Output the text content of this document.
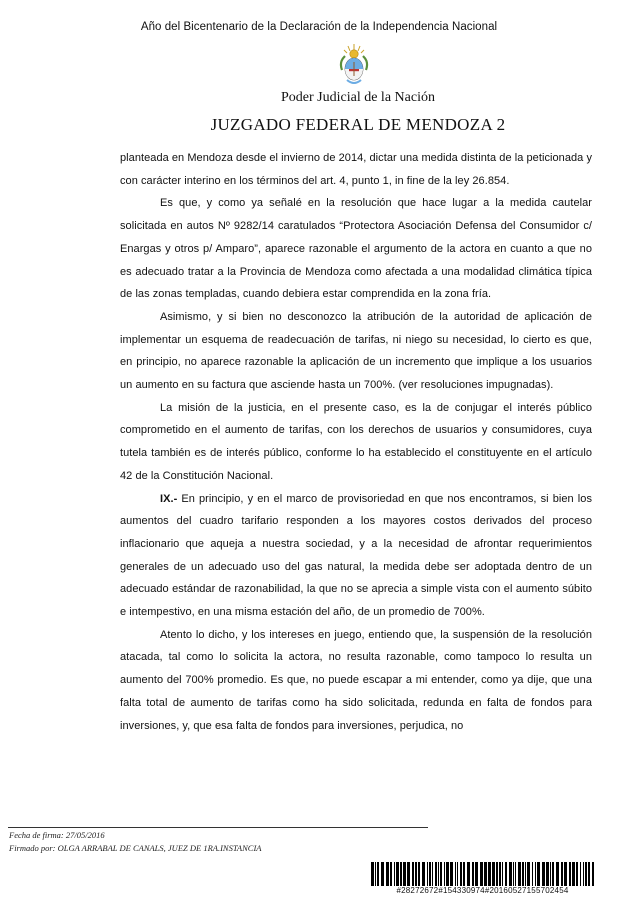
Año del Bicentenario de la Declaración de la Independencia Nacional
Poder Judicial de la Nación
JUZGADO FEDERAL DE MENDOZA 2

planteada en Mendoza desde el invierno de 2014, dictar una medida distinta de la peticionada y con carácter interino en los términos del art. 4, punto 1, in fine de la ley 26.854.

Es que, y como ya señalé en la resolución que hace lugar a la medida cautelar solicitada en autos Nº 9282/14 caratulados “Protectora Asociación Defensa del Consumidor c/ Enargas y otros p/ Amparo”, aparece razonable el argumento de la actora en cuanto a que no es adecuado tratar a la Provincia de Mendoza como afectada a una modalidad climática típica de las zonas templadas, cuando debiera estar comprendida en la zona fría.

Asimismo, y si bien no desconozco la atribución de la autoridad de aplicación de implementar un esquema de readecuación de tarifas, ni niego su necesidad, lo cierto es que, en principio, no aparece razonable la aplicación de un incremento que implique a los usuarios un aumento en su factura que asciende hasta un 700%. (ver resoluciones impugnadas).

La misión de la justicia, en el presente caso, es la de conjugar el interés público comprometido en el aumento de tarifas, con los derechos de usuarios y consumidores, cuya tutela también es de interés público, conforme lo ha establecido el constituyente en el artículo 42 de la Constitución Nacional.

IX.- En principio, y en el marco de provisoriedad en que nos encontramos, si bien los aumentos del cuadro tarifario responden a los mayores costos derivados del proceso inflacionario que aqueja a nuestra sociedad, y a la necesidad de afrontar requerimientos generales de un adecuado uso del gas natural, la medida debe ser adoptada dentro de un adecuado estándar de razonabilidad, la que no se aprecia a simple vista con el aumento súbito e intempestivo, en una misma estación del año, de un promedio de 700%.

Atento lo dicho, y los intereses en juego, entiendo que, la suspensión de la resolución atacada, tal como lo solicita la actora, no resulta razonable, como tampoco lo resulta un aumento del 700% promedio. Es que, no puede escapar a mi entender, como ya dije, que una falta total de aumento de tarifas como ha sido solicitada, redunda en falta de fondos para inversiones, y, que esa falta de fondos para inversiones, perjudica, no

Fecha de firma: 27/05/2016
Firmado por: OLGA ARRABAL DE CANALS, JUEZ DE 1RA.INSTANCIA
#28272672#154330974#20160527155702454
